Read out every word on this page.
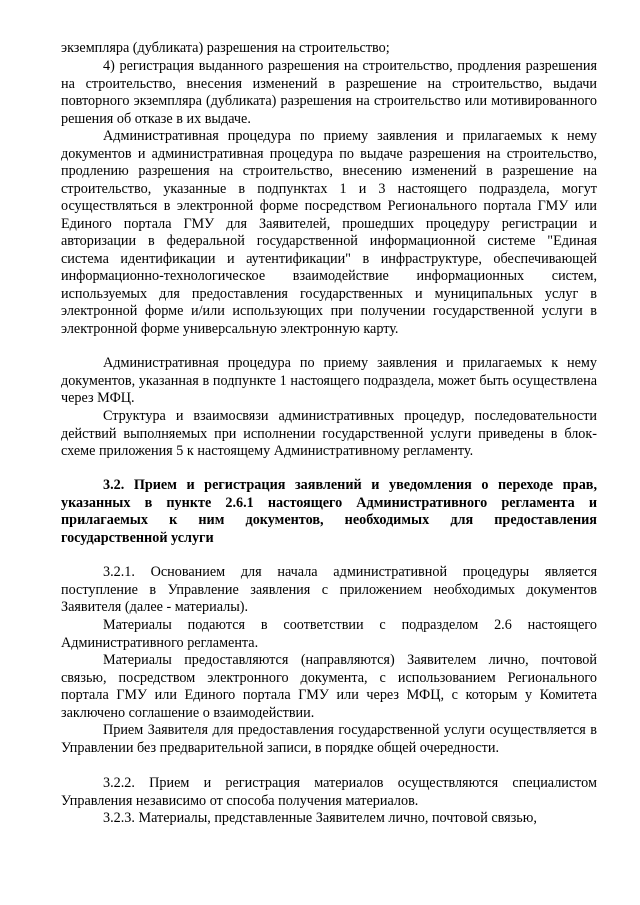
экземпляра (дубликата) разрешения на строительство;

4) регистрация выданного разрешения на строительство, продления разрешения на строительство, внесения изменений в разрешение на строительство, выдачи повторного экземпляра (дубликата) разрешения на строительство или мотивированного решения об отказе в их выдаче.

Административная процедура по приему заявления и прилагаемых к нему документов и административная процедура по выдаче разрешения на строительство, продлению разрешения на строительство, внесению изменений в разрешение на строительство, указанные в подпунктах 1 и 3 настоящего подраздела, могут осуществляться в электронной форме посредством Регионального портала ГМУ или Единого портала ГМУ для Заявителей, прошедших процедуру регистрации и авторизации в федеральной государственной информационной системе "Единая система идентификации и аутентификации" в инфраструктуре, обеспечивающей информационно-технологическое взаимодействие информационных систем, используемых для предоставления государственных и муниципальных услуг в электронной форме и/или использующих при получении государственной услуги в электронной форме универсальную электронную карту.

Административная процедура по приему заявления и прилагаемых к нему документов, указанная в подпункте 1 настоящего подраздела, может быть осуществлена через МФЦ.

Структура и взаимосвязи административных процедур, последовательности действий выполняемых при исполнении государственной услуги приведены в блок-схеме приложения 5 к настоящему Административному регламенту.

3.2. Прием и регистрация заявлений и уведомления о переходе прав, указанных в пункте 2.6.1 настоящего Административного регламента и прилагаемых к ним документов, необходимых для предоставления государственной услуги

3.2.1. Основанием для начала административной процедуры является поступление в Управление заявления с приложением необходимых документов Заявителя (далее - материалы).

Материалы подаются в соответствии с подразделом 2.6 настоящего Административного регламента.

Материалы предоставляются (направляются) Заявителем лично, почтовой связью, посредством электронного документа, с использованием Регионального портала ГМУ или Единого портала ГМУ или через МФЦ, с которым у Комитета заключено соглашение о взаимодействии.

Прием Заявителя для предоставления государственной услуги осуществляется в Управлении без предварительной записи, в порядке общей очередности.

3.2.2. Прием и регистрация материалов осуществляются специалистом Управления независимо от способа получения материалов.

3.2.3. Материалы, представленные Заявителем лично, почтовой связью,
